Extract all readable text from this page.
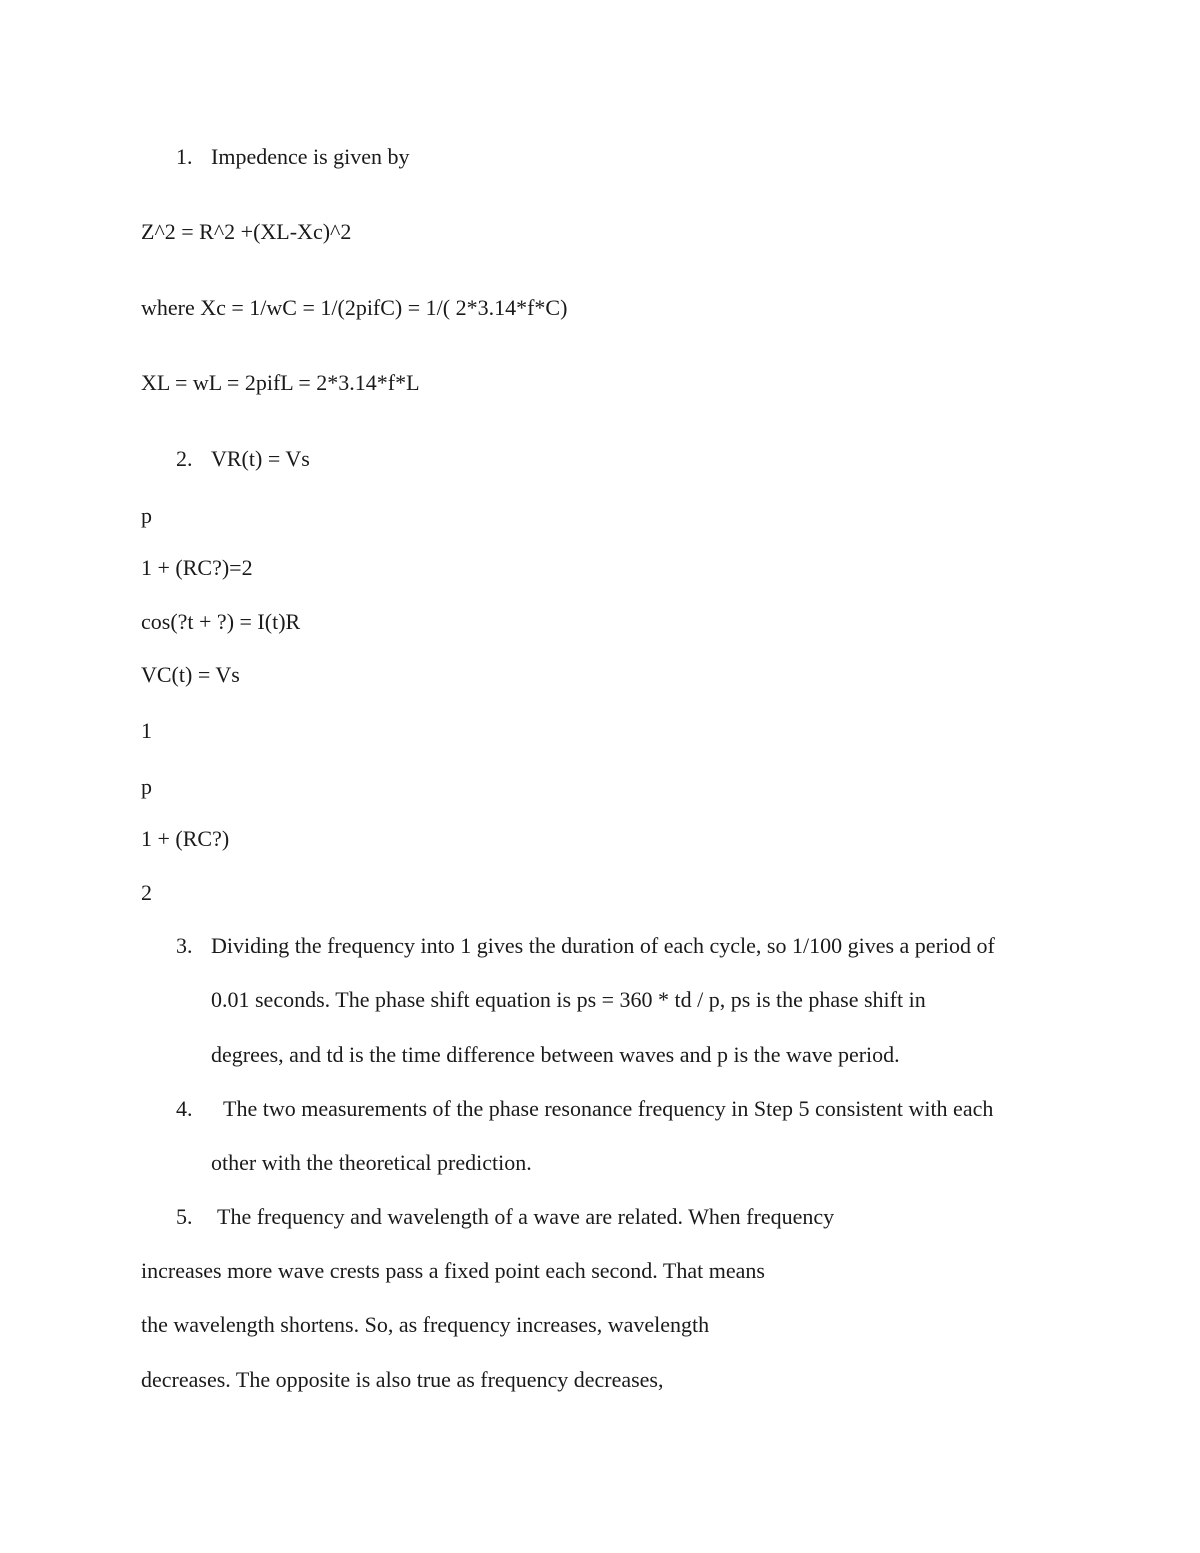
1. Impedence is given by
Z^2 = R^2 +(XL-Xc)^2
where Xc = 1/wC = 1/(2pifC) = 1/( 2*3.14*f*C)
XL = wL = 2pifL = 2*3.14*f*L
2. VR(t) = Vs
p
1 + (RC?)=2
cos(?t + ?) = I(t)R
VC(t) = Vs
1
p
1 + (RC?)
2
3. Dividing the frequency into 1 gives the duration of each cycle, so 1/100 gives a period of
0.01 seconds. The phase shift equation is ps = 360 * td / p, ps is the phase shift in
degrees, and td is the time difference between waves and p is the wave period.
4. The two measurements of the phase resonance frequency in Step 5 consistent with each
other with the theoretical prediction.
5. The frequency and wavelength of a wave are related. When frequency
increases more wave crests pass a fixed point each second. That means
the wavelength shortens. So, as frequency increases, wavelength
decreases. The opposite is also true as frequency decreases,
